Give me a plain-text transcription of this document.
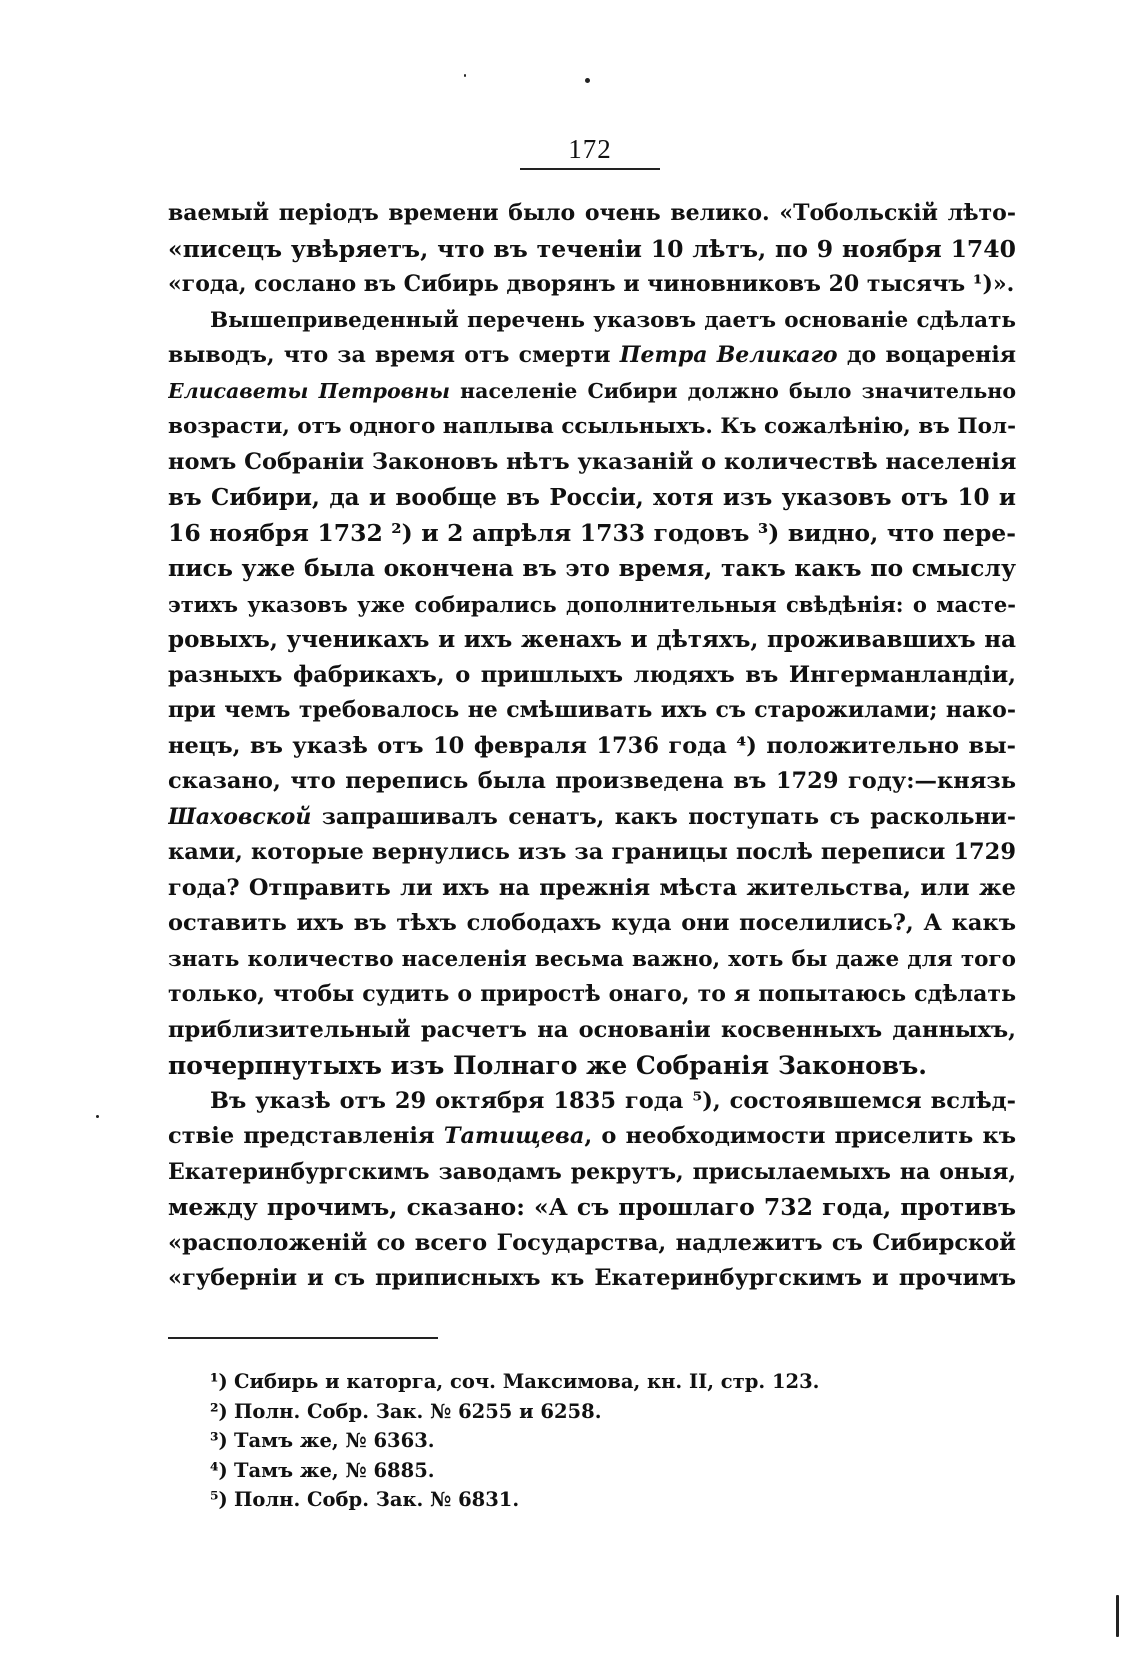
172
ваемый періодъ времени было очень велико. «Тобольскій лѣто-
«писецъ увѣряетъ, что въ теченіи 10 лѣтъ, по 9 ноября 1740
«года, сослано въ Сибирь дворянъ и чиновниковъ 20 тысячъ ¹)».
Вышеприведенный перечень указовъ даетъ основаніе сдѣлать
выводъ, что за время отъ смерти Петра Великаго до воцаренія
Елисаветы Петровны населеніе Сибири должно было значительно
возрасти, отъ одного наплыва ссыльныхъ. Къ сожалѣнію, въ Пол-
номъ Собраніи Законовъ нѣтъ указаній о количествѣ населенія
въ Сибири, да и вообще въ Россіи, хотя изъ указовъ отъ 10 и
16 ноября 1732 ²) и 2 апрѣля 1733 годовъ ³) видно, что пере-
пись уже была окончена въ это время, такъ какъ по смыслу
этихъ указовъ уже собирались дополнительныя свѣдѣнія: о масте-
ровыхъ, ученикахъ и ихъ женахъ и дѣтяхъ, проживавшихъ на
разныхъ фабрикахъ, о пришлыхъ людяхъ въ Ингерманландіи,
при чемъ требовалось не смѣшивать ихъ съ старожилами; нако-
нецъ, въ указѣ отъ 10 февраля 1736 года ⁴) положительно вы-
сказано, что перепись была произведена въ 1729 году:—князь
Шаховской запрашивалъ сенатъ, какъ поступать съ раскольни-
ками, которые вернулись изъ за границы послѣ переписи 1729
года? Отправить ли ихъ на прежнія мѣста жительства, или же
оставить ихъ въ тѣхъ слободахъ куда они поселились?, А какъ
знать количество населенія весьма важно, хоть бы даже для того
только, чтобы судить о приростѣ онаго, то я попытаюсь сдѣлать
приблизительный расчетъ на основаніи косвенныхъ данныхъ,
почерпнутыхъ изъ Полнаго же Собранія Законовъ.
Въ указѣ отъ 29 октября 1835 года ⁵), состоявшемся вслѣд-
ствіе представленія Татищева, о необходимости приселить къ
Екатеринбургскимъ заводамъ рекрутъ, присылаемыхъ на оныя,
между прочимъ, сказано: «А съ прошлаго 732 года, противъ
«расположеній со всего Государства, надлежитъ съ Сибирской
«губерніи и съ приписныхъ къ Екатеринбургскимъ и прочимъ
¹) Сибирь и каторга, соч. Максимова, кн. II, стр. 123.
²) Полн. Собр. Зак. № 6255 и 6258.
³) Тамъ же, № 6363.
⁴) Тамъ же, № 6885.
⁵) Полн. Собр. Зак. № 6831.
